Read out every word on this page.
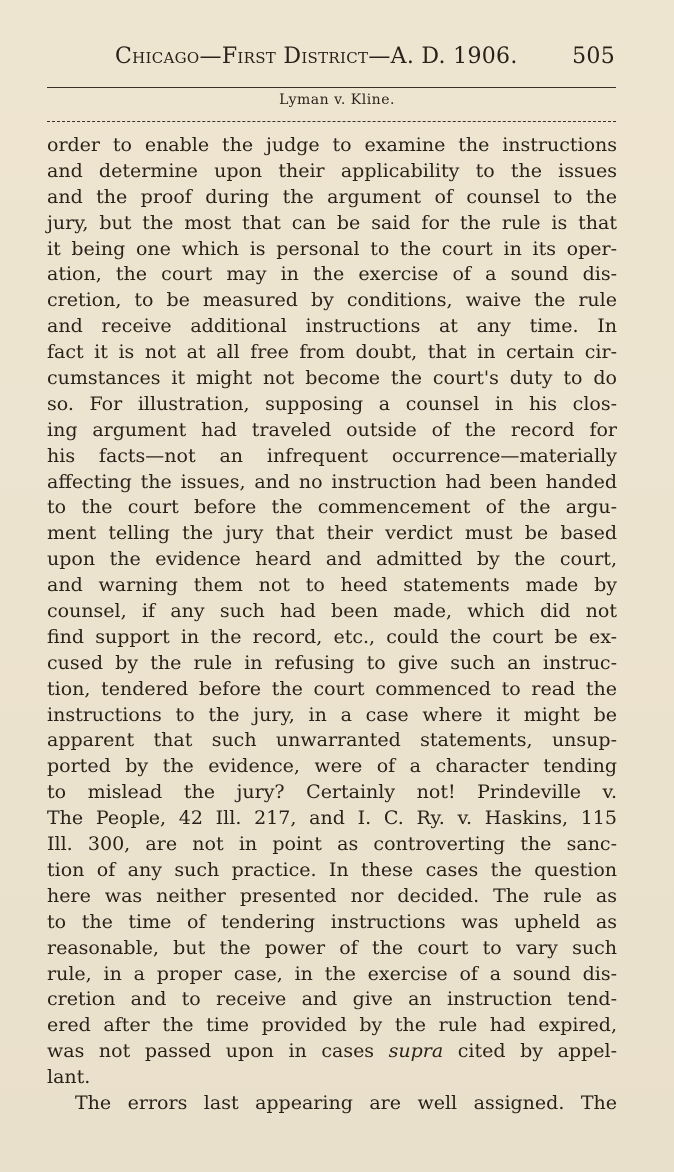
Chicago—First District—A. D. 1906. 505
Lyman v. Kline.
order to enable the judge to examine the instructions
and determine upon their applicability to the issues
and the proof during the argument of counsel to the
jury, but the most that can be said for the rule is that
it being one which is personal to the court in its oper-
ation, the court may in the exercise of a sound dis-
cretion, to be measured by conditions, waive the rule
and receive additional instructions at any time. In
fact it is not at all free from doubt, that in certain cir-
cumstances it might not become the court's duty to do
so. For illustration, supposing a counsel in his clos-
ing argument had traveled outside of the record for
his facts—not an infrequent occurrence—materially
affecting the issues, and no instruction had been handed
to the court before the commencement of the argu-
ment telling the jury that their verdict must be based
upon the evidence heard and admitted by the court,
and warning them not to heed statements made by
counsel, if any such had been made, which did not
find support in the record, etc., could the court be ex-
cused by the rule in refusing to give such an instruc-
tion, tendered before the court commenced to read the
instructions to the jury, in a case where it might be
apparent that such unwarranted statements, unsup-
ported by the evidence, were of a character tending
to mislead the jury? Certainly not! Prindeville v.
The People, 42 Ill. 217, and I. C. Ry. v. Haskins, 115
Ill. 300, are not in point as controverting the sanc-
tion of any such practice. In these cases the question
here was neither presented nor decided. The rule as
to the time of tendering instructions was upheld as
reasonable, but the power of the court to vary such
rule, in a proper case, in the exercise of a sound dis-
cretion and to receive and give an instruction tend-
ered after the time provided by the rule had expired,
was not passed upon in cases supra cited by appel-
lant.
The errors last appearing are well assigned. The
